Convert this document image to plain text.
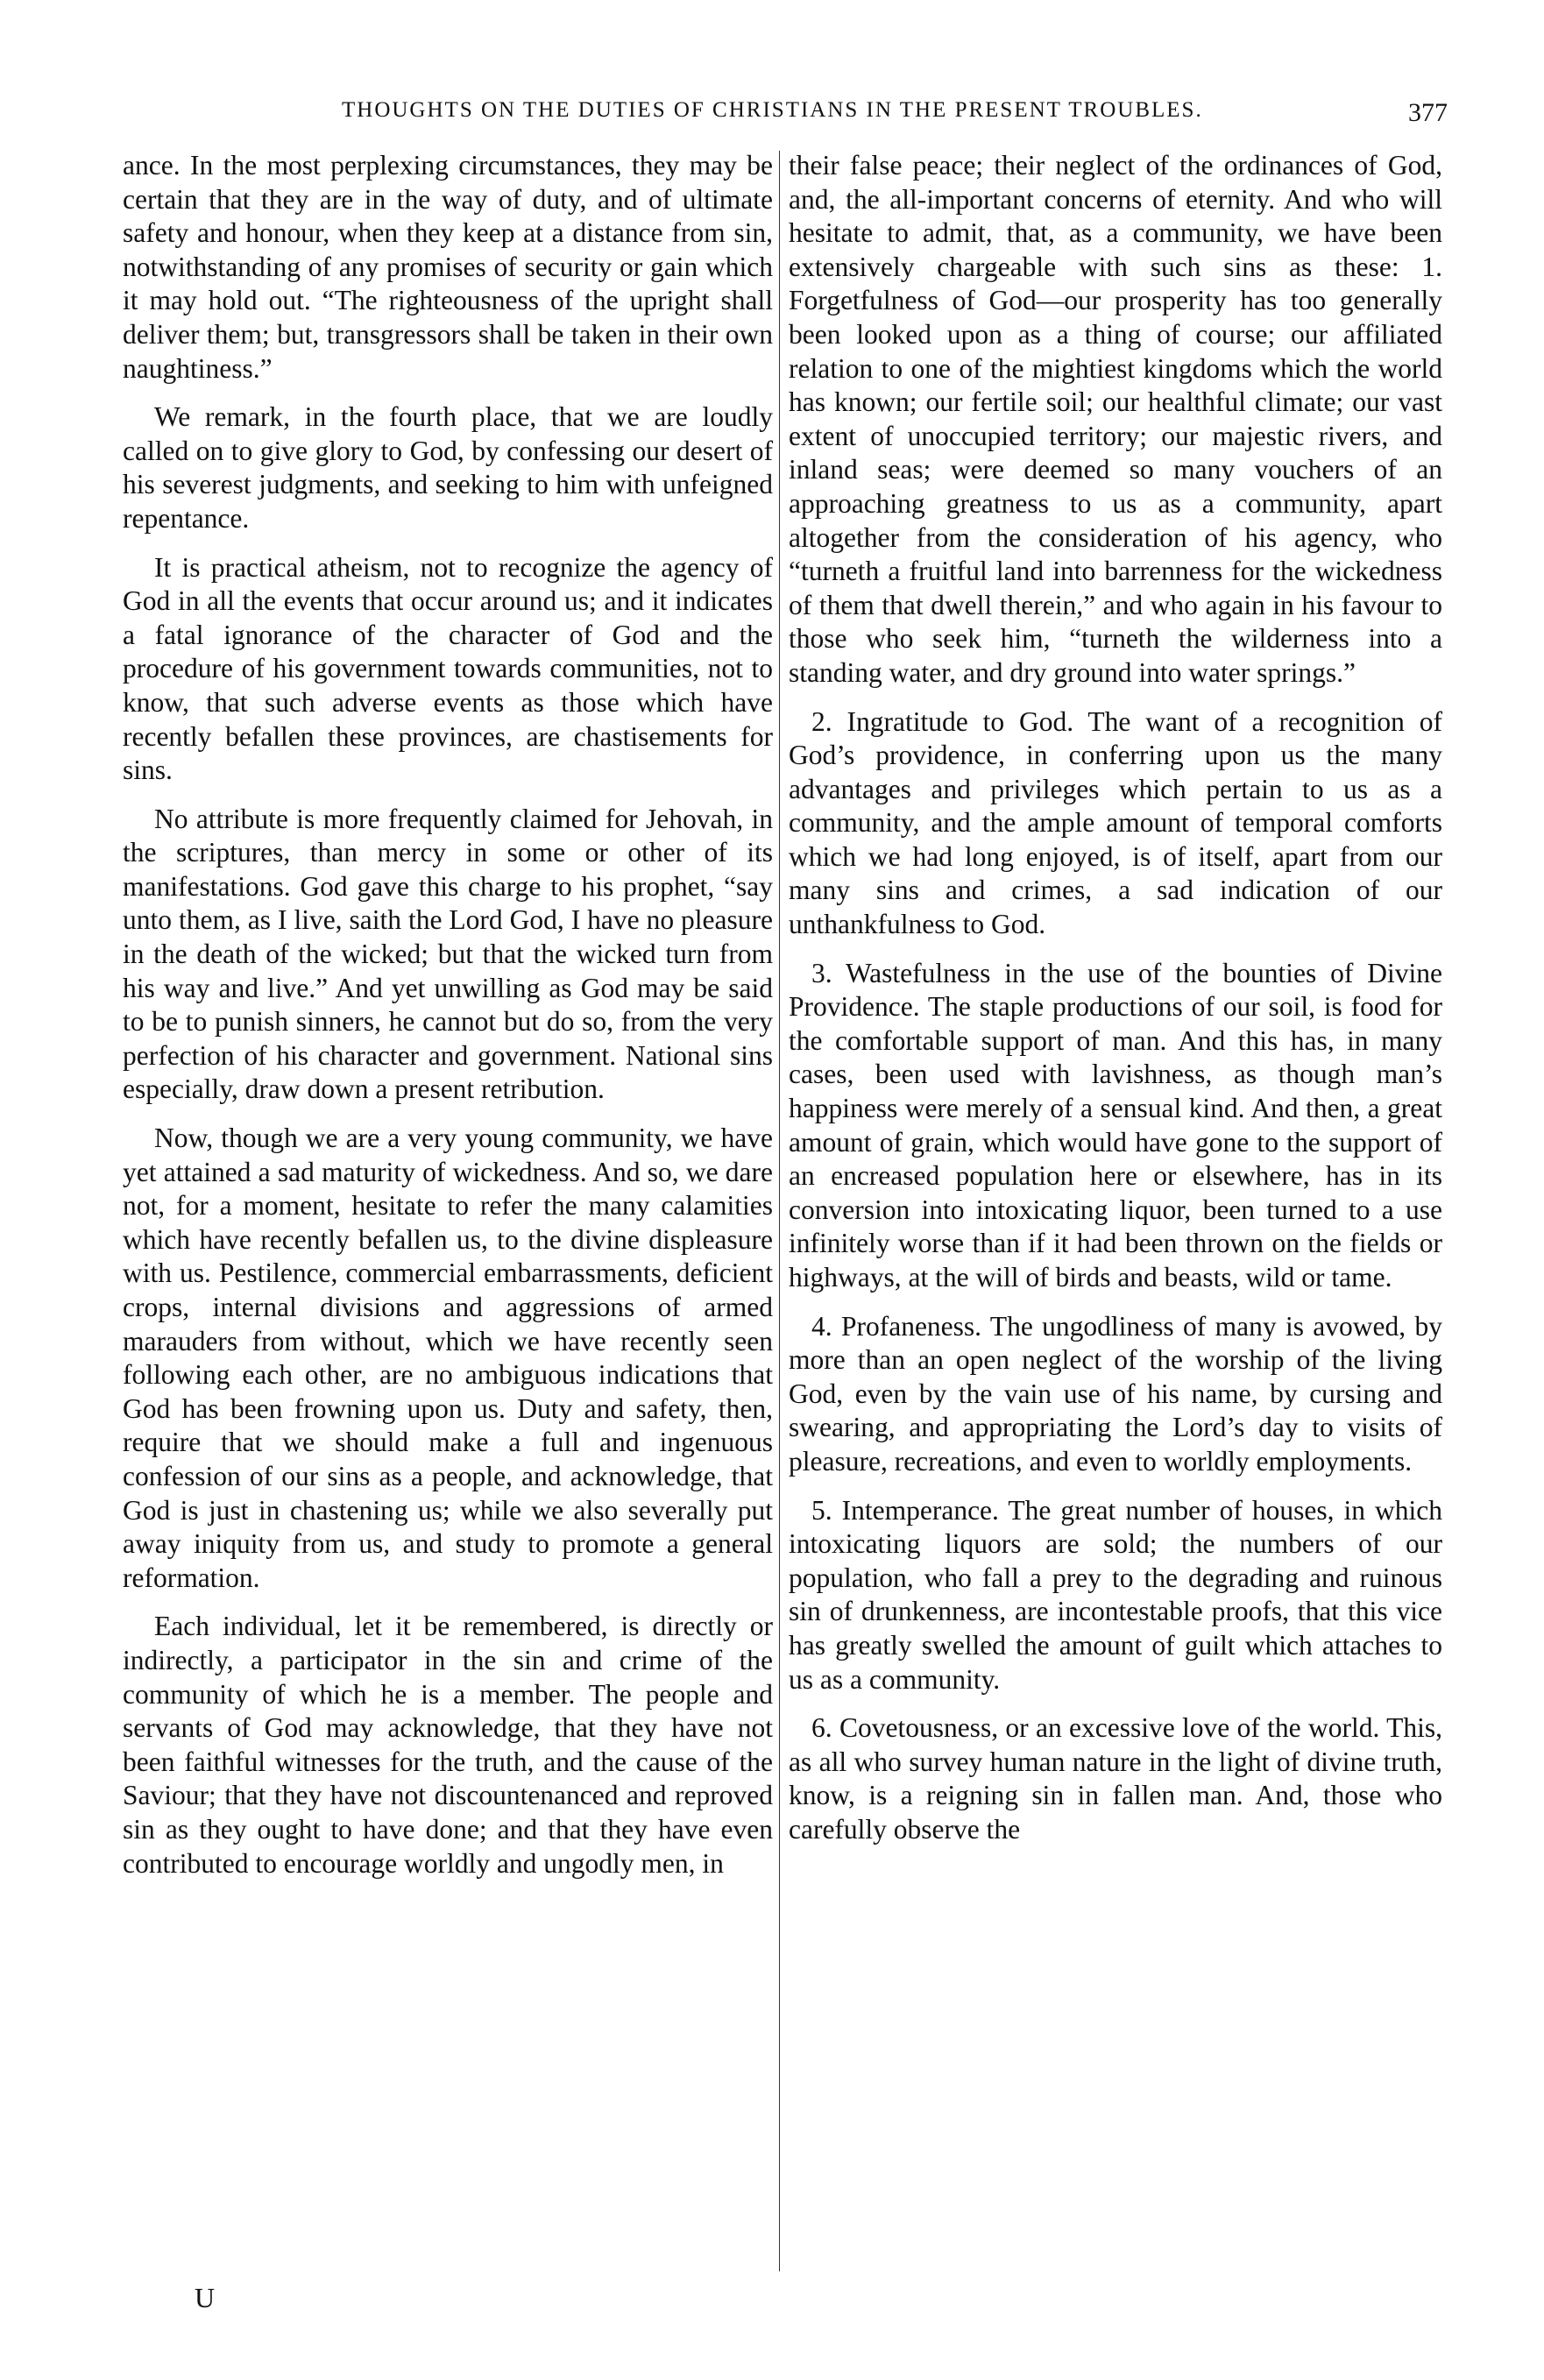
THOUGHTS ON THE DUTIES OF CHRISTIANS IN THE PRESENT TROUBLES.	377

ance. In the most perplexing circumstances, they may be certain that they are in the way of duty, and of ultimate safety and honour, when they keep at a distance from sin, notwithstanding of any promises of security or gain which it may hold out. “The righteousness of the upright shall deliver them; but, transgressors shall be taken in their own naughtiness.”

We remark, in the fourth place, that we are loudly called on to give glory to God, by confessing our desert of his severest judgments, and seeking to him with unfeigned repentance.

It is practical atheism, not to recognize the agency of God in all the events that occur around us; and it indicates a fatal ignorance of the character of God and the procedure of his government towards communities, not to know, that such adverse events as those which have recently befallen these provinces, are chastisements for sins.

No attribute is more frequently claimed for Jehovah, in the scriptures, than mercy in some or other of its manifestations. God gave this charge to his prophet, “say unto them, as I live, saith the Lord God, I have no pleasure in the death of the wicked; but that the wicked turn from his way and live.” And yet unwilling as God may be said to be to punish sinners, he cannot but do so, from the very perfection of his character and government. National sins especially, draw down a present retribution.

Now, though we are a very young community, we have yet attained a sad maturity of wickedness. And so, we dare not, for a moment, hesitate to refer the many calamities which have recently befallen us, to the divine displeasure with us. Pestilence, commercial embarrassments, deficient crops, internal divisions and aggressions of armed marauders from without, which we have recently seen following each other, are no ambiguous indications that God has been frowning upon us. Duty and safety, then, require that we should make a full and ingenuous confession of our sins as a people, and acknowledge, that God is just in chastening us; while we also severally put away iniquity from us, and study to promote a general reformation.

Each individual, let it be remembered, is directly or indirectly, a participator in the sin and crime of the community of which he is a member. The people and servants of God may acknowledge, that they have not been faithful witnesses for the truth, and the cause of the Saviour; that they have not discountenanced and reproved sin as they ought to have done; and that they have even contributed to encourage worldly and ungodly men, in

their false peace; their neglect of the ordinances of God, and, the all-important concerns of eternity. And who will hesitate to admit, that, as a community, we have been extensively chargeable with such sins as these: 1. Forgetfulness of God—our prosperity has too generally been looked upon as a thing of course; our affiliated relation to one of the mightiest kingdoms which the world has known; our fertile soil; our healthful climate; our vast extent of unoccupied territory; our majestic rivers, and inland seas; were deemed so many vouchers of an approaching greatness to us as a community, apart altogether from the consideration of his agency, who “turneth a fruitful land into barrenness for the wickedness of them that dwell therein,” and who again in his favour to those who seek him, “turneth the wilderness into a standing water, and dry ground into water springs.”

2. Ingratitude to God. The want of a recognition of God’s providence, in conferring upon us the many advantages and privileges which pertain to us as a community, and the ample amount of temporal comforts which we had long enjoyed, is of itself, apart from our many sins and crimes, a sad indication of our unthankfulness to God.

3. Wastefulness in the use of the bounties of Divine Providence. The staple productions of our soil, is food for the comfortable support of man. And this has, in many cases, been used with lavishness, as though man’s happiness were merely of a sensual kind. And then, a great amount of grain, which would have gone to the support of an encreased population here or elsewhere, has in its conversion into intoxicating liquor, been turned to a use infinitely worse than if it had been thrown on the fields or highways, at the will of birds and beasts, wild or tame.

4. Profaneness. The ungodliness of many is avowed, by more than an open neglect of the worship of the living God, even by the vain use of his name, by cursing and swearing, and appropriating the Lord’s day to visits of pleasure, recreations, and even to worldly employments.

5. Intemperance. The great number of houses, in which intoxicating liquors are sold; the numbers of our population, who fall a prey to the degrading and ruinous sin of drunkenness, are incontestable proofs, that this vice has greatly swelled the amount of guilt which attaches to us as a community.

6. Covetousness, or an excessive love of the world. This, as all who survey human nature in the light of divine truth, know, is a reigning sin in fallen man. And, those who carefully observe the

U
